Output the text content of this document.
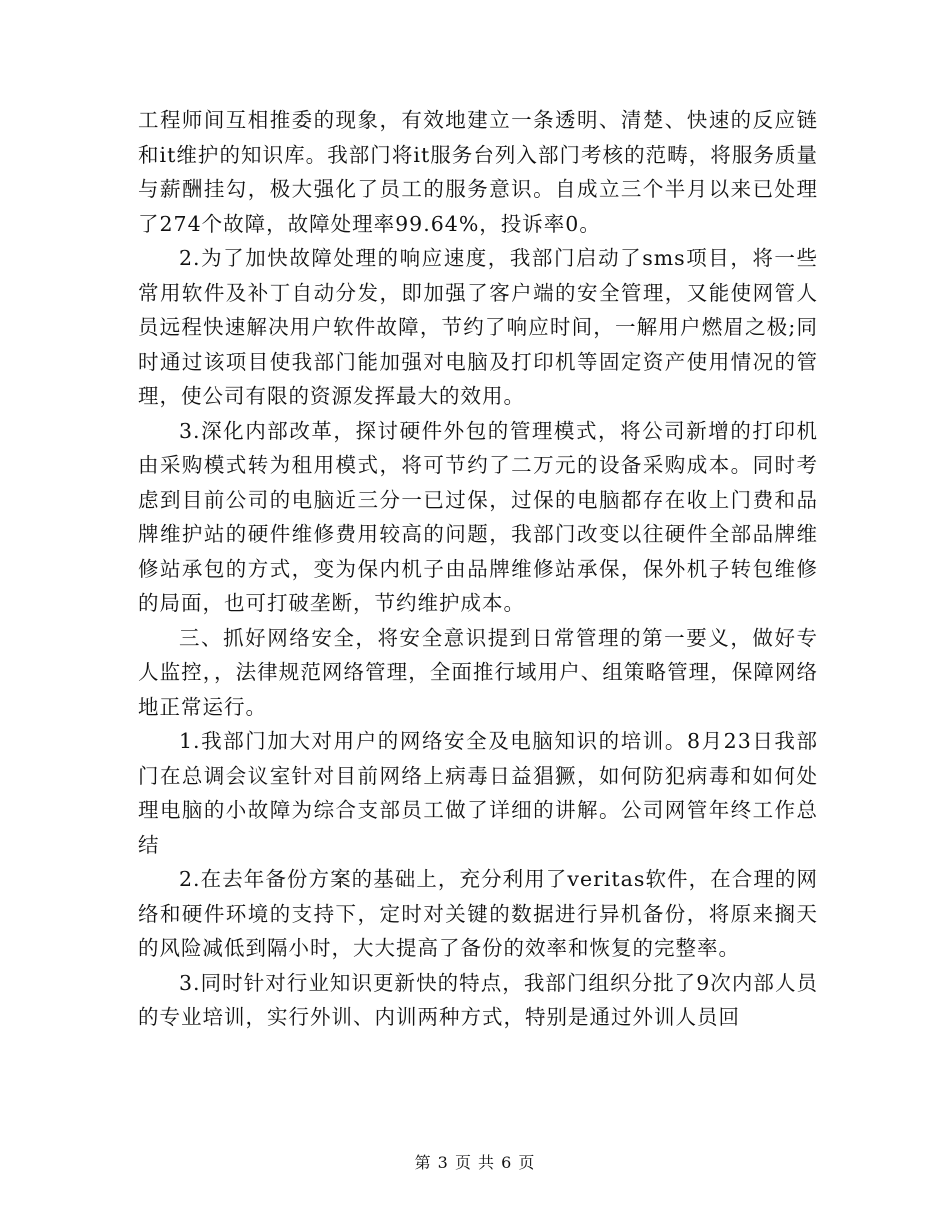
工程师间互相推委的现象，有效地建立一条透明、清楚、快速的反应链和it维护的知识库。我部门将it服务台列入部门考核的范畴，将服务质量与薪酬挂勾，极大强化了员工的服务意识。自成立三个半月以来已处理了274个故障，故障处理率99.64%，投诉率0。

2.为了加快故障处理的响应速度，我部门启动了sms项目，将一些常用软件及补丁自动分发，即加强了客户端的安全管理，又能使网管人员远程快速解决用户软件故障，节约了响应时间，一解用户燃眉之极;同时通过该项目使我部门能加强对电脑及打印机等固定资产使用情况的管理，使公司有限的资源发挥最大的效用。

3.深化内部改革，探讨硬件外包的管理模式，将公司新增的打印机由采购模式转为租用模式，将可节约了二万元的设备采购成本。同时考虑到目前公司的电脑近三分一已过保，过保的电脑都存在收上门费和品牌维护站的硬件维修费用较高的问题，我部门改变以往硬件全部品牌维修站承包的方式，变为保内机子由品牌维修站承保，保外机子转包维修的局面，也可打破垄断，节约维护成本。

三、抓好网络安全，将安全意识提到日常管理的第一要义，做好专人监控，，法律规范网络管理，全面推行域用户、组策略管理，保障网络地正常运行。

1.我部门加大对用户的网络安全及电脑知识的培训。8月23日我部门在总调会议室针对目前网络上病毒日益猖獗，如何防犯病毒和如何处理电脑的小故障为综合支部员工做了详细的讲解。公司网管年终工作总结

2.在去年备份方案的基础上，充分利用了veritas软件，在合理的网络和硬件环境的支持下，定时对关键的数据进行异机备份，将原来搁天的风险减低到隔小时，大大提高了备份的效率和恢复的完整率。

3.同时针对行业知识更新快的特点，我部门组织分批了9次内部人员的专业培训，实行外训、内训两种方式，特别是通过外训人员回

第 3 页 共 6 页
